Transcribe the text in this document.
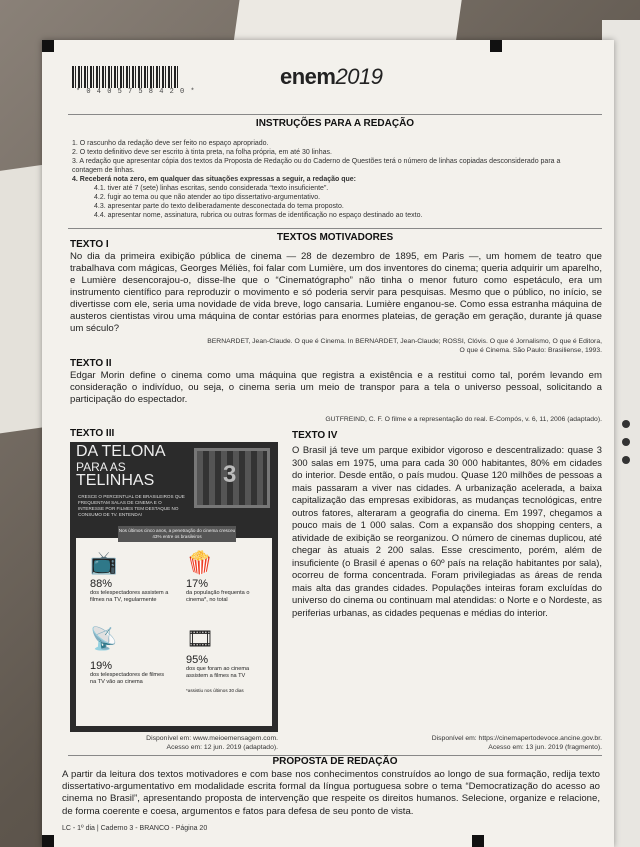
* 0 4 0 5 7 5 8 4 2 0 *
enem2019
INSTRUÇÕES PARA A REDAÇÃO
1. O rascunho da redação deve ser feito no espaço apropriado.
2. O texto definitivo deve ser escrito à tinta preta, na folha própria, em até 30 linhas.
3. A redação que apresentar cópia dos textos da Proposta de Redação ou do Caderno de Questões terá o número de linhas copiadas desconsiderado para a contagem de linhas.
4. Receberá nota zero, em qualquer das situações expressas a seguir, a redação que:
4.1. tiver até 7 (sete) linhas escritas, sendo considerada “texto insuficiente”.
4.2. fugir ao tema ou que não atender ao tipo dissertativo-argumentativo.
4.3. apresentar parte do texto deliberadamente desconectada do tema proposto.
4.4. apresentar nome, assinatura, rubrica ou outras formas de identificação no espaço destinado ao texto.
TEXTOS MOTIVADORES
TEXTO I
No dia da primeira exibição pública de cinema — 28 de dezembro de 1895, em Paris —, um homem de teatro que trabalhava com mágicas, Georges Méliès, foi falar com Lumière, um dos inventores do cinema; queria adquirir um aparelho, e Lumière desencorajou-o, disse-lhe que o “Cinematógrapho” não tinha o menor futuro como espetáculo, era um instrumento científico para reproduzir o movimento e só poderia servir para pesquisas. Mesmo que o público, no início, se divertisse com ele, seria uma novidade de vida breve, logo cansaria. Lumière enganou-se. Como essa estranha máquina de austeros cientistas virou uma máquina de contar estórias para enormes plateias, de geração em geração, durante já quase um século?
BERNARDET, Jean-Claude. O que é Cinema. In BERNARDET, Jean-Claude; ROSSI, Clóvis. O que é Jornalismo, O que é Editora,
O que é Cinema. São Paulo: Brasiliense, 1993.
TEXTO II
Edgar Morin define o cinema como uma máquina que registra a existência e a restitui como tal, porém levando em consideração o indivíduo, ou seja, o cinema seria um meio de transpor para a tela o universo pessoal, solicitando a participação do espectador.
GUTFREIND, C. F. O filme e a representação do real. E-Compós, v. 6, 11, 2006 (adaptado).
TEXTO III
DA TELONA
PARA AS
TELINHAS
CRESCE O PERCENTUAL DE BRASILEIROS QUE FREQUENTAM SALAS DE CINEMA E O INTERESSE POR FILMES TEM DESTAQUE NO CONSUMO DE TV. ENTENDA!
3
📺	🍿
88%
dos telespectadores assistem a filmes na TV, regularmente
17%
da população frequenta o cinema*, no total
📡	🎞
19%
dos telespectadores de filmes na TV vão ao cinema
95%
dos que foram ao cinema assistem a filmes na TV
*assistiu nos últimos 30 dias
Nos últimos cinco anos, a penetração do cinema cresceu 43% entre os brasileiros
Disponível em: www.meioemensagem.com.
Acesso em: 12 jun. 2019 (adaptado).
TEXTO IV
O Brasil já teve um parque exibidor vigoroso e descentralizado: quase 3 300 salas em 1975, uma para cada 30 000 habitantes, 80% em cidades do interior. Desde então, o país mudou. Quase 120 milhões de pessoas a mais passaram a viver nas cidades. A urbanização acelerada, a baixa capitalização das empresas exibidoras, as mudanças tecnológicas, entre outros fatores, alteraram a geografia do cinema. Em 1997, chegamos a pouco mais de 1 000 salas. Com a expansão dos shopping centers, a atividade de exibição se reorganizou. O número de cinemas duplicou, até chegar às atuais 2 200 salas. Esse crescimento, porém, além de insuficiente (o Brasil é apenas o 60º país na relação habitantes por sala), ocorreu de forma concentrada. Foram privilegiadas as áreas de renda mais alta das grandes cidades. Populações inteiras foram excluídas do universo do cinema ou continuam mal atendidas: o Norte e o Nordeste, as periferias urbanas, as cidades pequenas e médias do interior.
Disponível em: https://cinemapertodevoce.ancine.gov.br.
Acesso em: 13 jun. 2019 (fragmento).
PROPOSTA DE REDAÇÃO
A partir da leitura dos textos motivadores e com base nos conhecimentos construídos ao longo de sua formação, redija texto dissertativo-argumentativo em modalidade escrita formal da língua portuguesa sobre o tema “Democratização do acesso ao cinema no Brasil”, apresentando proposta de intervenção que respeite os direitos humanos. Selecione, organize e relacione, de forma coerente e coesa, argumentos e fatos para defesa de seu ponto de vista.
LC - 1º dia | Caderno 3 - BRANCO - Página 20
